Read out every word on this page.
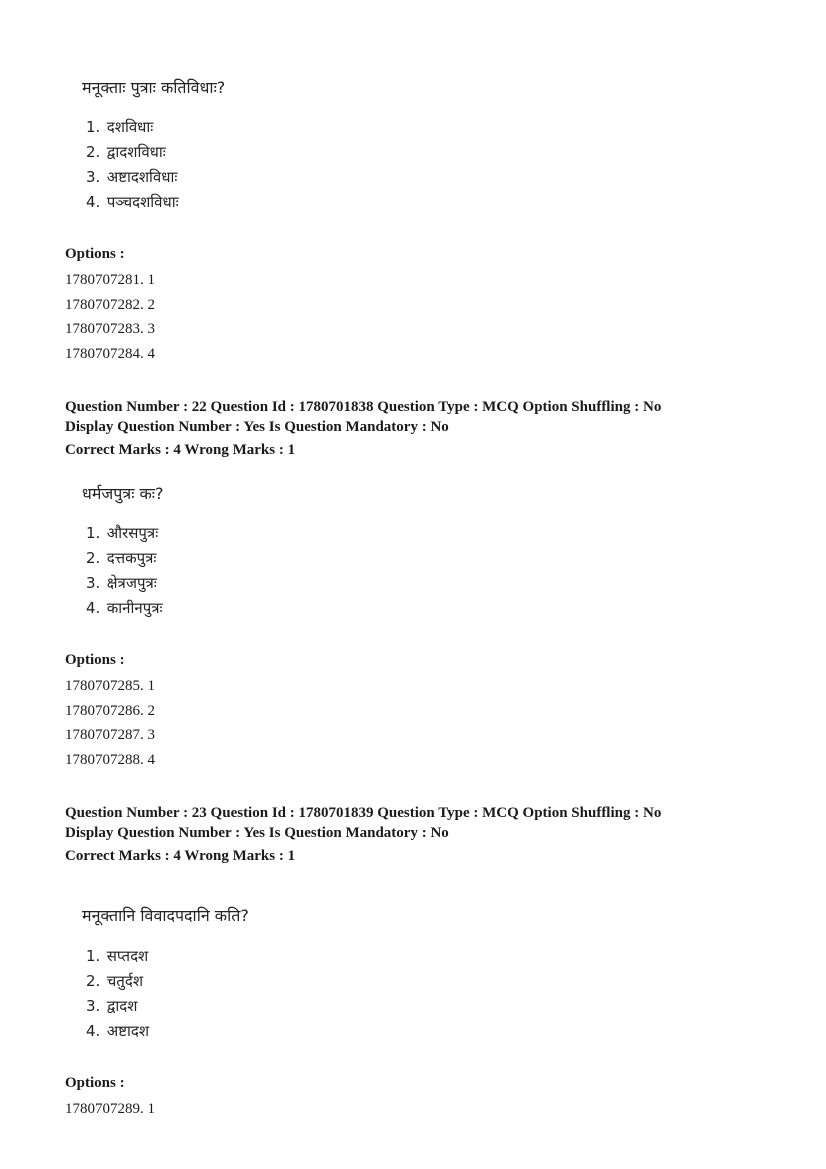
मनूक्ताः पुत्राः कतिविधाः?
1. दशविधाः
2. द्वादशविधाः
3. अष्टादशविधाः
4. पञ्चदशविधाः
Options :
1780707281. 1
1780707282. 2
1780707283. 3
1780707284. 4
Question Number : 22 Question Id : 1780701838 Question Type : MCQ Option Shuffling : No
Display Question Number : Yes Is Question Mandatory : No
Correct Marks : 4 Wrong Marks : 1
धर्मजपुत्रः कः?
1. औरसपुत्रः
2. दत्तकपुत्रः
3. क्षेत्रजपुत्रः
4. कानीनपुत्रः
Options :
1780707285. 1
1780707286. 2
1780707287. 3
1780707288. 4
Question Number : 23 Question Id : 1780701839 Question Type : MCQ Option Shuffling : No
Display Question Number : Yes Is Question Mandatory : No
Correct Marks : 4 Wrong Marks : 1
मनूक्तानि विवादपदानि कति?
1. सप्तदश
2. चतुर्दश
3. द्वादश
4. अष्टादश
Options :
1780707289. 1
